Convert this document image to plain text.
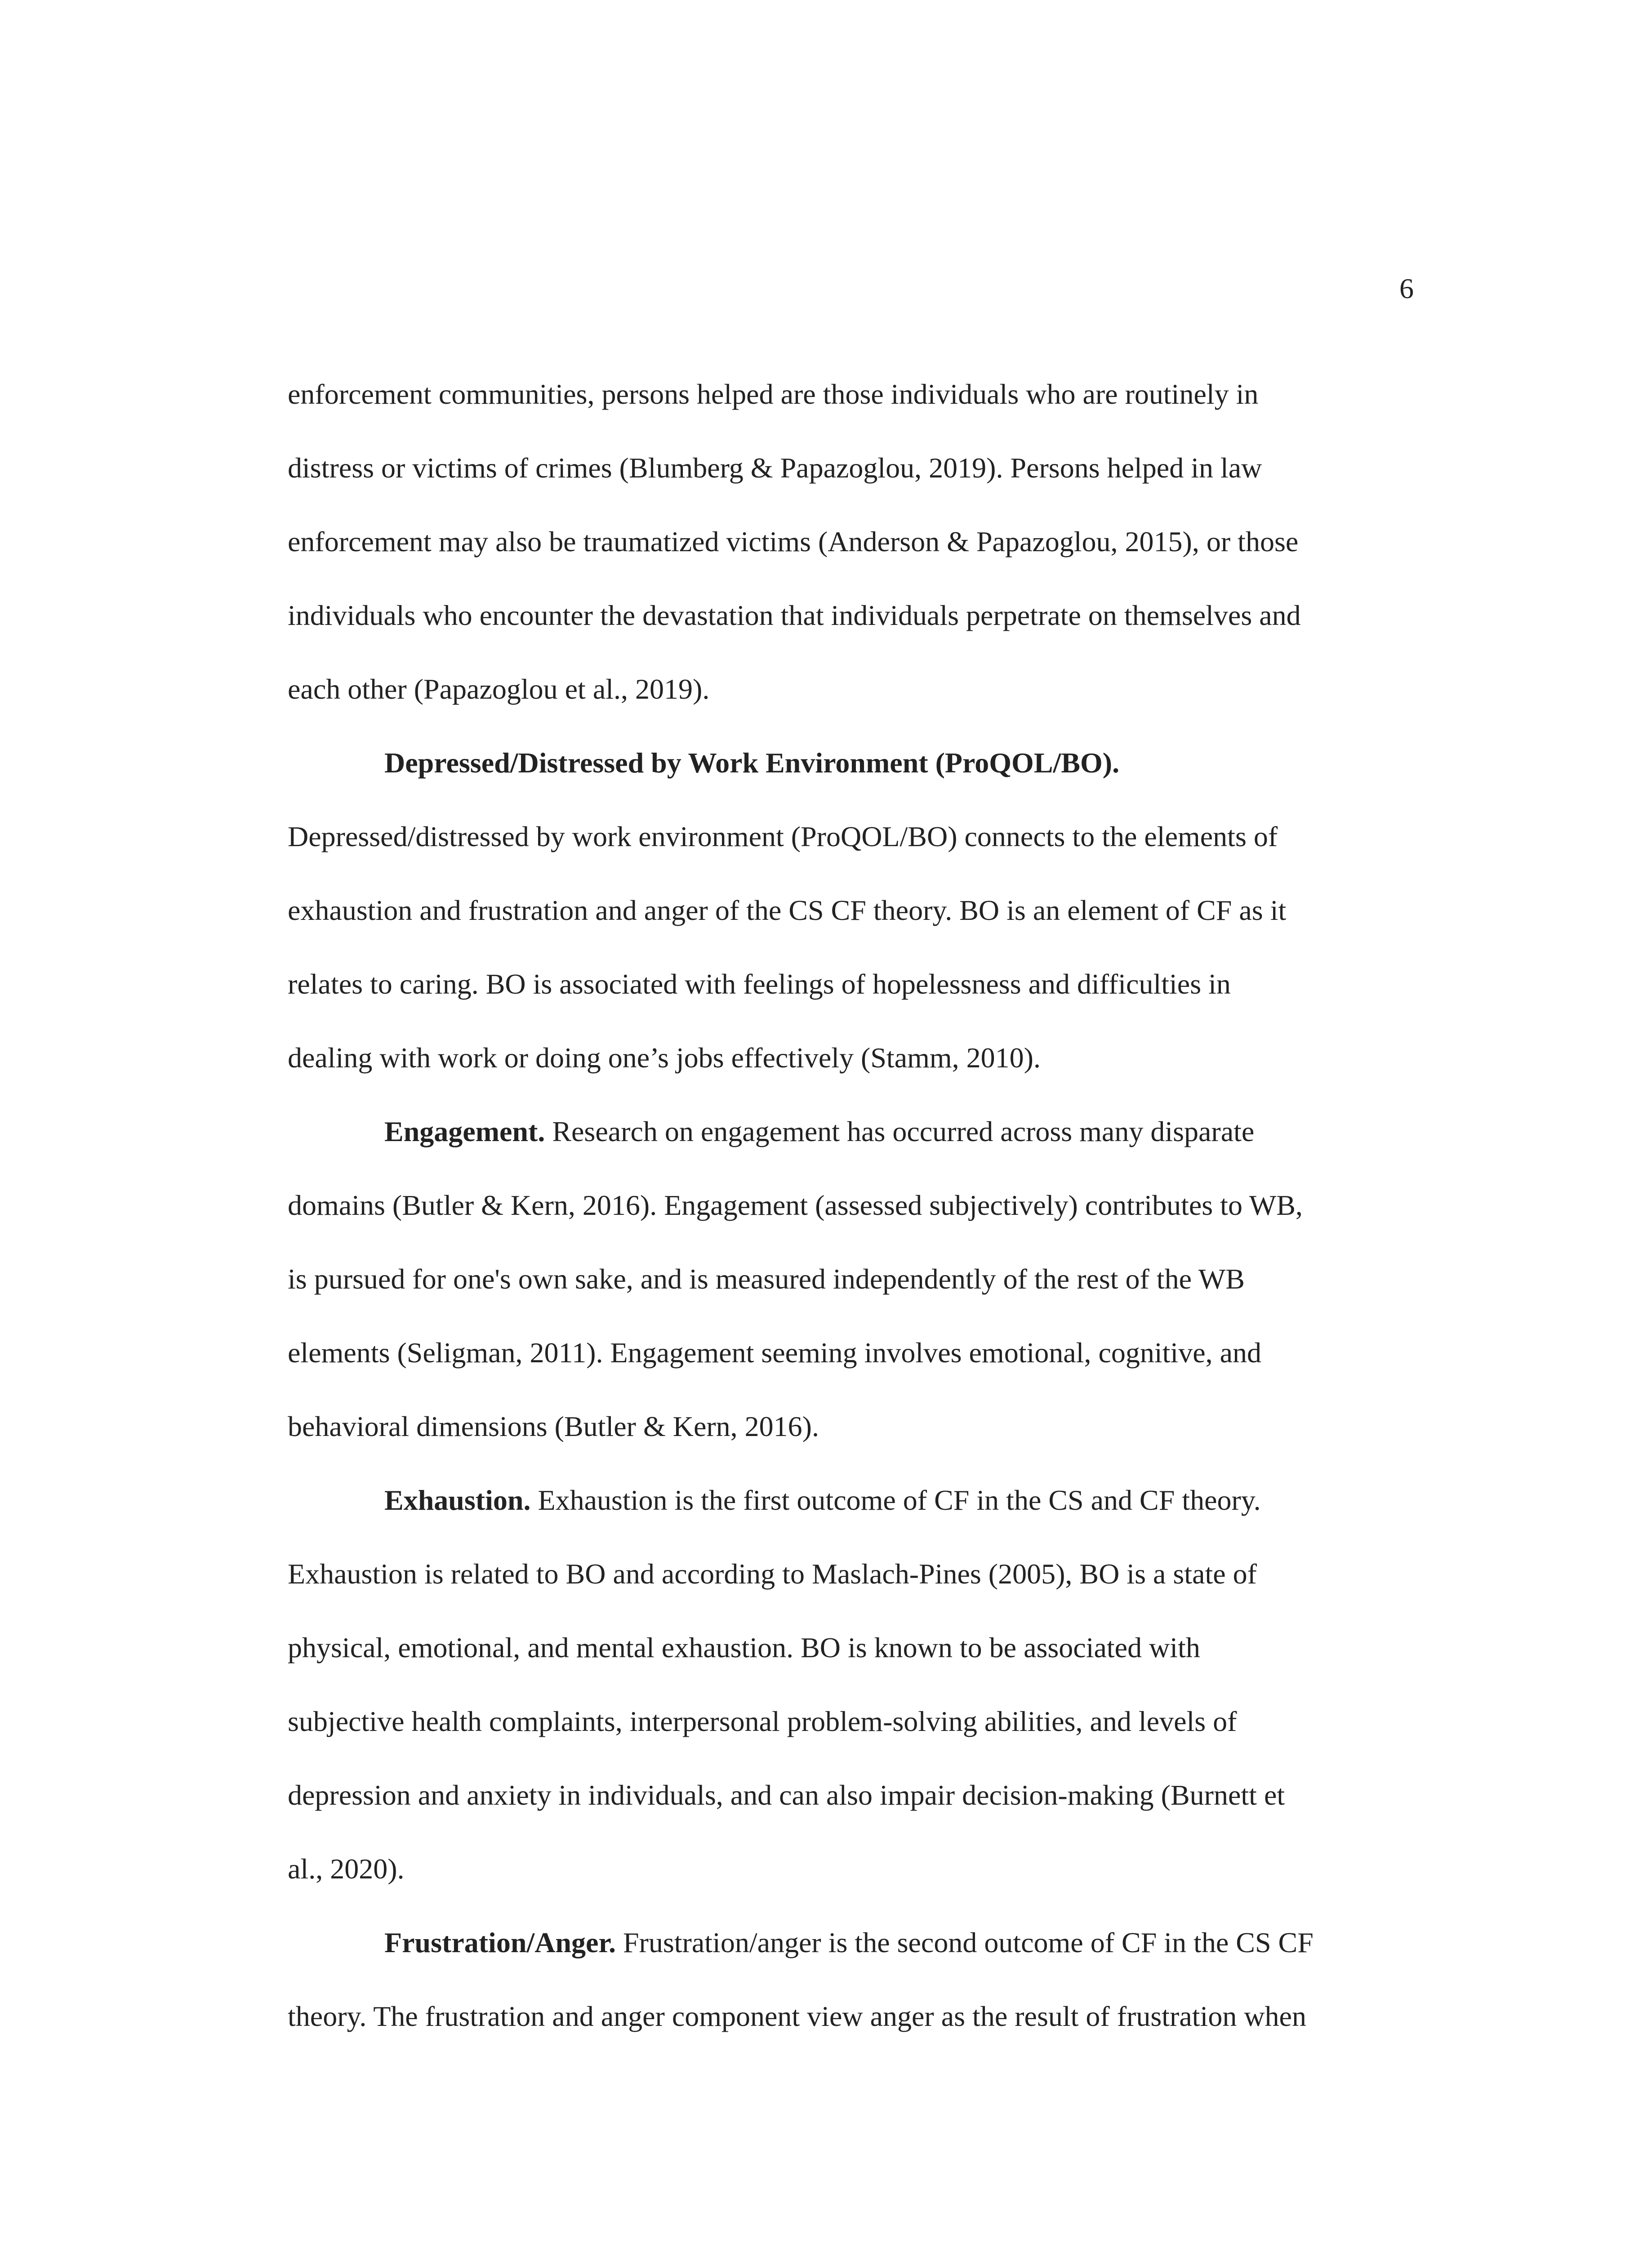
6
enforcement communities, persons helped are those individuals who are routinely in
distress or victims of crimes (Blumberg & Papazoglou, 2019). Persons helped in law
enforcement may also be traumatized victims (Anderson & Papazoglou, 2015), or those
individuals who encounter the devastation that individuals perpetrate on themselves and
each other (Papazoglou et al., 2019).
Depressed/Distressed by Work Environment (ProQOL/BO).
Depressed/distressed by work environment (ProQOL/BO) connects to the elements of
exhaustion and frustration and anger of the CS CF theory. BO is an element of CF as it
relates to caring. BO is associated with feelings of hopelessness and difficulties in
dealing with work or doing one’s jobs effectively (Stamm, 2010).
Engagement. Research on engagement has occurred across many disparate
domains (Butler & Kern, 2016). Engagement (assessed subjectively) contributes to WB,
is pursued for one's own sake, and is measured independently of the rest of the WB
elements (Seligman, 2011). Engagement seeming involves emotional, cognitive, and
behavioral dimensions (Butler & Kern, 2016).
Exhaustion. Exhaustion is the first outcome of CF in the CS and CF theory.
Exhaustion is related to BO and according to Maslach-Pines (2005), BO is a state of
physical, emotional, and mental exhaustion. BO is known to be associated with
subjective health complaints, interpersonal problem-solving abilities, and levels of
depression and anxiety in individuals, and can also impair decision-making (Burnett et
al., 2020).
Frustration/Anger. Frustration/anger is the second outcome of CF in the CS CF
theory. The frustration and anger component view anger as the result of frustration when
